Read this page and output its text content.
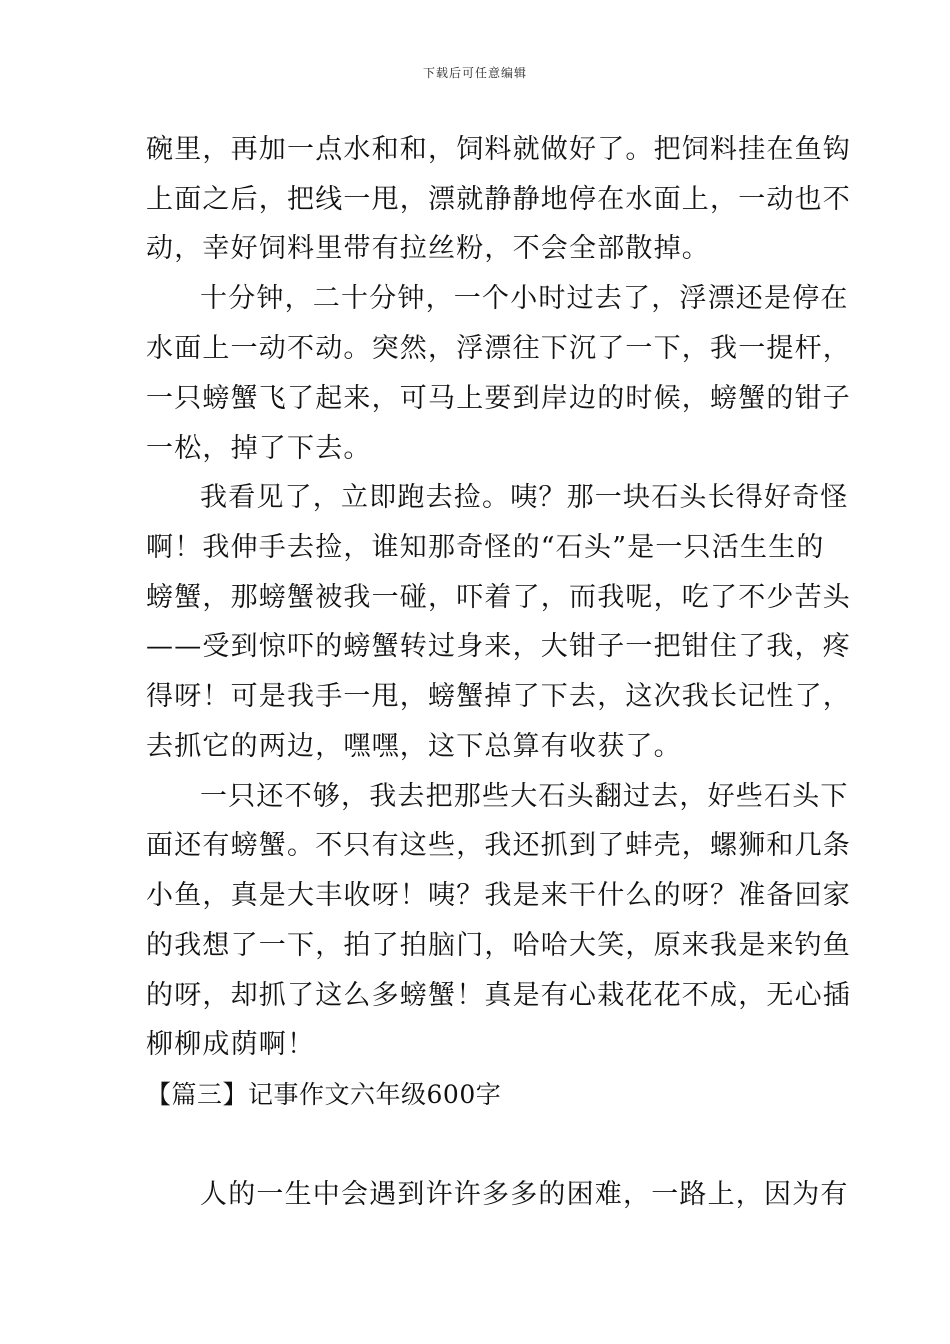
下载后可任意编辑
碗里，再加一点水和和，饲料就做好了。把饲料挂在鱼钩
上面之后，把线一甩，漂就静静地停在水面上，一动也不
动，幸好饲料里带有拉丝粉，不会全部散掉。
十分钟，二十分钟，一个小时过去了，浮漂还是停在
水面上一动不动。突然，浮漂往下沉了一下，我一提杆，
一只螃蟹飞了起来，可马上要到岸边的时候，螃蟹的钳子
一松，掉了下去。
我看见了，立即跑去捡。咦？那一块石头长得好奇怪
啊！我伸手去捡，谁知那奇怪的“石头”是一只活生生的
螃蟹，那螃蟹被我一碰，吓着了，而我呢，吃了不少苦头
——受到惊吓的螃蟹转过身来，大钳子一把钳住了我，疼
得呀！可是我手一甩，螃蟹掉了下去，这次我长记性了，
去抓它的两边，嘿嘿，这下总算有收获了。
一只还不够，我去把那些大石头翻过去，好些石头下
面还有螃蟹。不只有这些，我还抓到了蚌壳，螺狮和几条
小鱼，真是大丰收呀！咦？我是来干什么的呀？准备回家
的我想了一下，拍了拍脑门，哈哈大笑，原来我是来钓鱼
的呀，却抓了这么多螃蟹！真是有心栽花花不成，无心插
柳柳成荫啊！
【篇三】记事作文六年级600字
人的一生中会遇到许许多多的困难，一路上，因为有
